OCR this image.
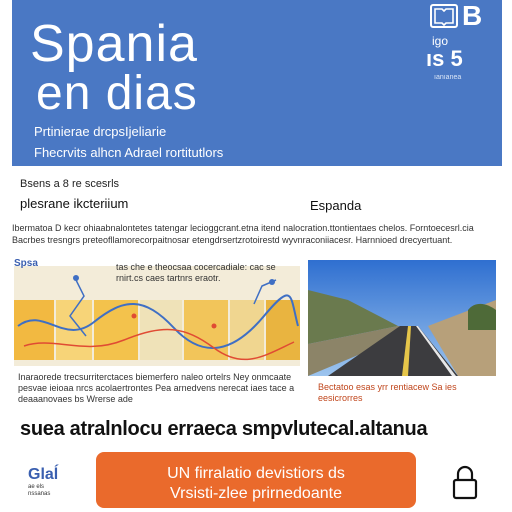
Spania
en dias
Prtinierae drcpsIjeliarie
Fhecrvits alhcn Adrael rortitutlors
B
igo
ıs 5
ıanıanea
Bsens a 8 re scesrls
plesrane ikcteriium	Espanda
Ibermatoa D kecr ohiaabnalontetes tatengar lecioggcrant.etna itend nalocration.ttontientaes chelos. Forntoecesrl.cia Bacrbes tresngrs preteofllamorecorpaitnosar etengdrsertzrotoirestd wyvnraconiiacesr. Harnnioed drecyertuant.
Spsa	tas che e theocsaa cocercadiale: cac se rnirt.cs caes tartnrs eraotr.
Inaraorede trecsurriterctaces biemerfero naleo ortelrs Ney onmcaate pesvae ieioaa nrcs acolaertrontes Pea arnedvens nerecat iaes tace a deaaanovaes bs Wrerse ade
Bectatoo esas yrr rentiacew Sa ies eesicrorres
suea atralnlocu erraeca smpvlutecal.altanua
Glaĺ
ae els
nssanas
UN firralatio devistiors ds
Vrsisti-zlee prirnedoante
